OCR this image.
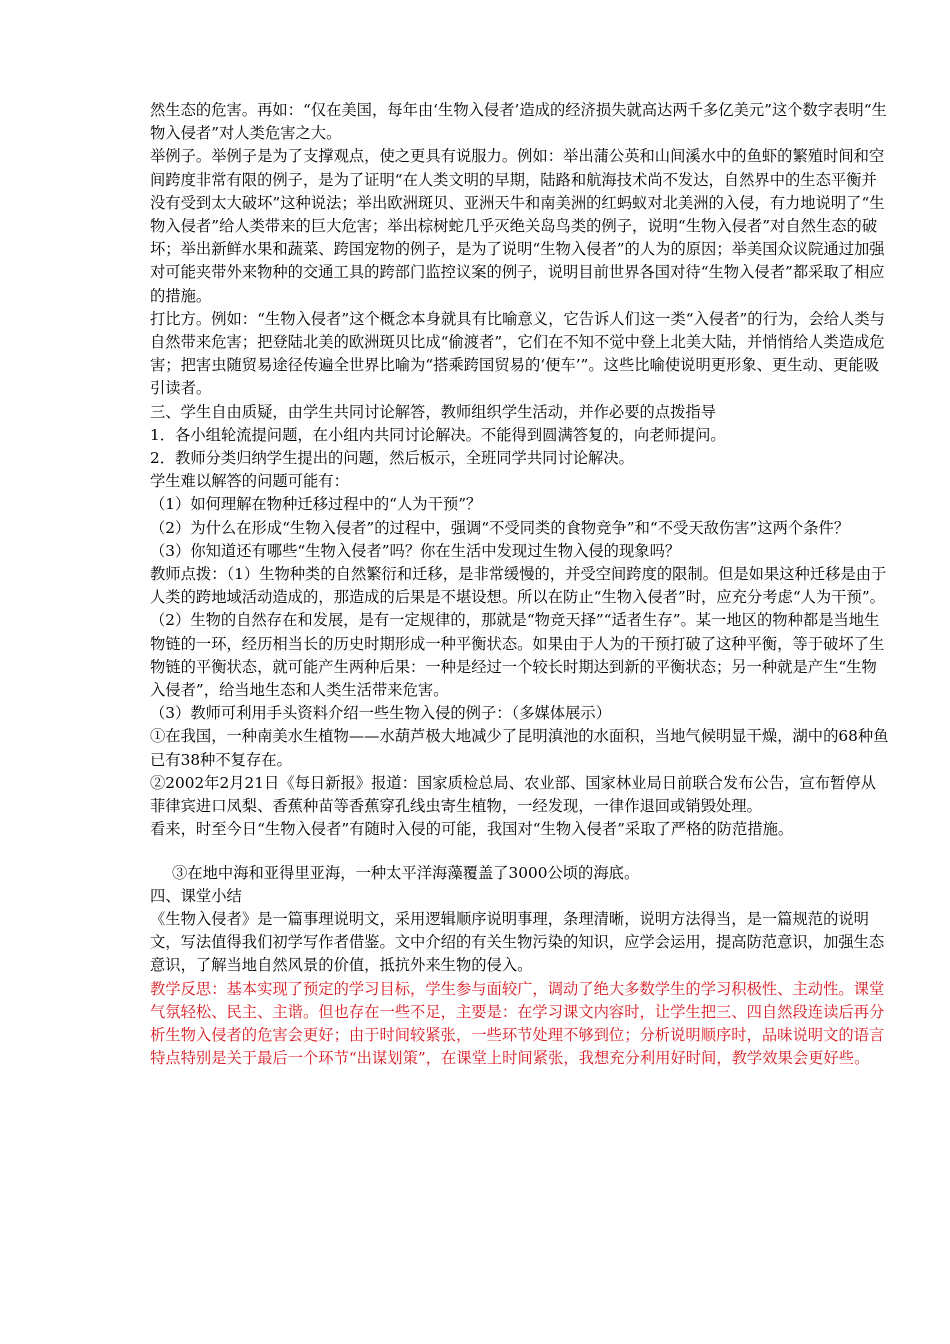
然生态的危害。再如：“仅在美国，每年由‘生物入侵者’造成的经济损失就高达两千多亿美元”这个数字表明“生物入侵者”对人类危害之大。

举例子。举例子是为了支撑观点，使之更具有说服力。例如：举出蒲公英和山间溪水中的鱼虾的繁殖时间和空间跨度非常有限的例子，是为了证明“在人类文明的早期，陆路和航海技术尚不发达，自然界中的生态平衡并没有受到太大破坏”这种说法；举出欧洲斑贝、亚洲天牛和南美洲的红蚂蚁对北美洲的入侵，有力地说明了“生物入侵者”给人类带来的巨大危害；举出棕树蛇几乎灭绝关岛鸟类的例子，说明“生物入侵者”对自然生态的破坏；举出新鲜水果和蔬菜、跨国宠物的例子，是为了说明“生物入侵者”的人为的原因；举美国众议院通过加强对可能夹带外来物种的交通工具的跨部门监控议案的例子，说明目前世界各国对待“生物入侵者”都采取了相应的措施。

打比方。例如：“生物入侵者”这个概念本身就具有比喻意义，它告诉人们这一类“入侵者”的行为，会给人类与自然带来危害；把登陆北美的欧洲斑贝比成“偷渡者”，它们在不知不觉中登上北美大陆，并悄悄给人类造成危害；把害虫随贸易途径传遍全世界比喻为“搭乘跨国贸易的‘便车’”。这些比喻使说明更形象、更生动、更能吸引读者。

三、学生自由质疑，由学生共同讨论解答，教师组织学生活动，并作必要的点拨指导

1．各小组轮流提问题，在小组内共同讨论解决。不能得到圆满答复的，向老师提问。

2．教师分类归纳学生提出的问题，然后板示，全班同学共同讨论解决。

学生难以解答的问题可能有：

（1）如何理解在物种迁移过程中的“人为干预”？

（2）为什么在形成“生物入侵者”的过程中，强调“不受同类的食物竞争”和“不受天敌伤害”这两个条件？

（3）你知道还有哪些“生物入侵者”吗？你在生活中发现过生物入侵的现象吗？

教师点拨：（1）生物种类的自然繁衍和迁移，是非常缓慢的，并受空间跨度的限制。但是如果这种迁移是由于人类的跨地域活动造成的，那造成的后果是不堪设想。所以在防止“生物入侵者”时，应充分考虑“人为干预”。

（2）生物的自然存在和发展，是有一定规律的，那就是“物竞天择”“适者生存”。某一地区的物种都是当地生物链的一环，经历相当长的历史时期形成一种平衡状态。如果由于人为的干预打破了这种平衡，等于破坏了生物链的平衡状态，就可能产生两种后果：一种是经过一个较长时期达到新的平衡状态；另一种就是产生“生物入侵者”，给当地生态和人类生活带来危害。

（3）教师可利用手头资料介绍一些生物入侵的例子：（多媒体展示）

①在我国，一种南美水生植物——水葫芦极大地减少了昆明滇池的水面积，当地气候明显干燥，湖中的68种鱼已有38种不复存在。

②2002年2月21日《每日新报》报道：国家质检总局、农业部、国家林业局日前联合发布公告，宣布暂停从菲律宾进口凤梨、香蕉种苗等香蕉穿孔线虫寄生植物，一经发现，一律作退回或销毁处理。

看来，时至今日“生物入侵者”有随时入侵的可能，我国对“生物入侵者”采取了严格的防范措施。

③在地中海和亚得里亚海，一种太平洋海藻覆盖了3000公顷的海底。

四、课堂小结

《生物入侵者》是一篇事理说明文，采用逻辑顺序说明事理，条理清晰，说明方法得当，是一篇规范的说明文，写法值得我们初学写作者借鉴。文中介绍的有关生物污染的知识，应学会运用，提高防范意识，加强生态意识，了解当地自然风景的价值，抵抗外来生物的侵入。

教学反思：基本实现了预定的学习目标，学生参与面较广，调动了绝大多数学生的学习积极性、主动性。课堂气氛轻松、民主、主谐。但也存在一些不足，主要是：在学习课文内容时，让学生把三、四自然段连读后再分析生物入侵者的危害会更好；由于时间较紧张，一些环节处理不够到位；分析说明顺序时，品味说明文的语言特点特别是关于最后一个环节“出谋划策”，在课堂上时间紧张，我想充分利用好时间，教学效果会更好些。
